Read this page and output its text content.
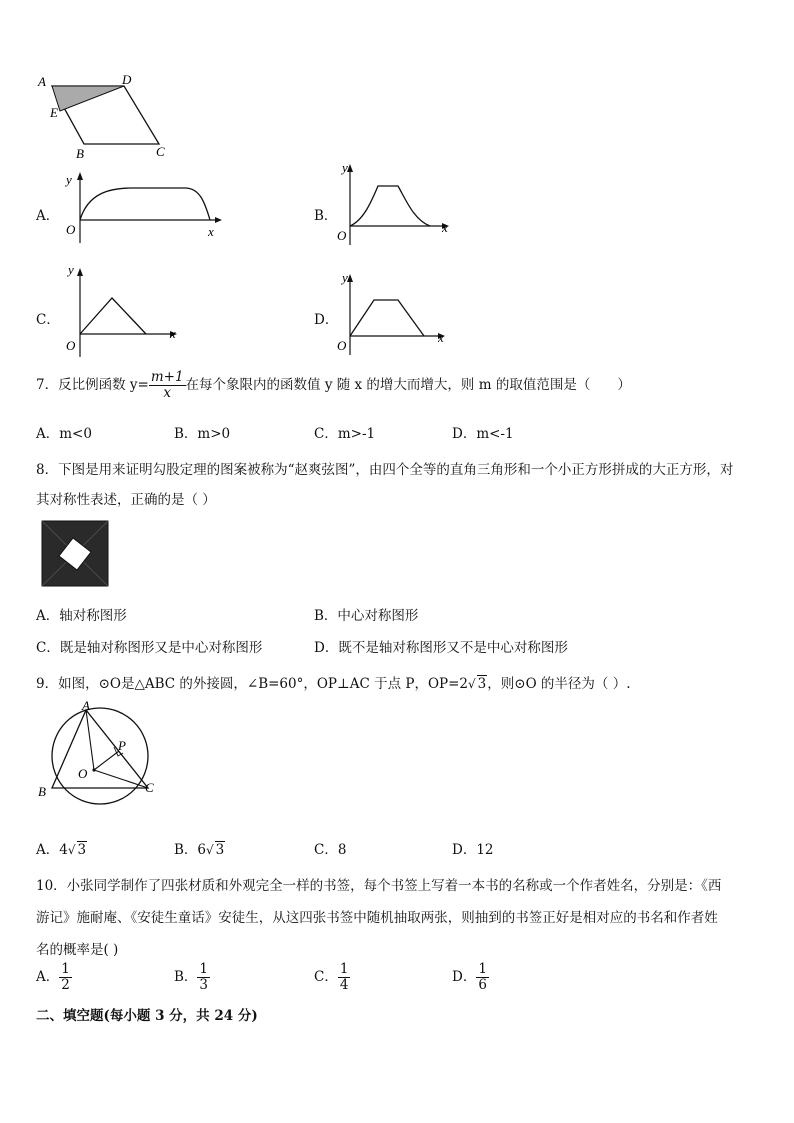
A	D
E
B	C
A．
O	x
y
B．
O
x
y
C．
O
x
y
D．
O
x
y
7．反比例函数 $y= \frac{m+1}{x}$ 在每个象限内的函数值 y 随 x 的增大而增大，则 m 的取值范围是（　　）
A．m<0	B．m>0	C．m>-1	D．m<-1
8．下图是用来证明勾股定理的图案被称为“赵爽弦图”，由四个全等的直角三角形和一个小正方形拼成的大正方形，对
其对称性表述，正确的是（ ）
A．轴对称图形	B．中心对称图形
C．既是轴对称图形又是中心对称图形	D．既不是轴对称图形又不是中心对称图形
9．如图，⊙O是△ABC 的外接圆，∠B=60°，OP⊥AC 于点 P，OP=2√ 3，则⊙O 的半径为（ ）.
A
B	C
O
P
A．4√ 3	B．6√ 3	C．8	D．12
10．小张同学制作了四张材质和外观完全一样的书签，每个书签上写着一本书的名称或一个作者姓名，分别是：《西
游记》施耐庵、《安徒生童话》安徒生，从这四张书签中随机抽取两张，则抽到的书签正好是相对应的书名和作者姓
名的概率是( )
A． $\frac{1}{2}$	B． $\frac{1}{3}$	C． $\frac{1}{4}$	D． $\frac{1}{6}$
二、填空题(每小题 3 分，共 24 分)
